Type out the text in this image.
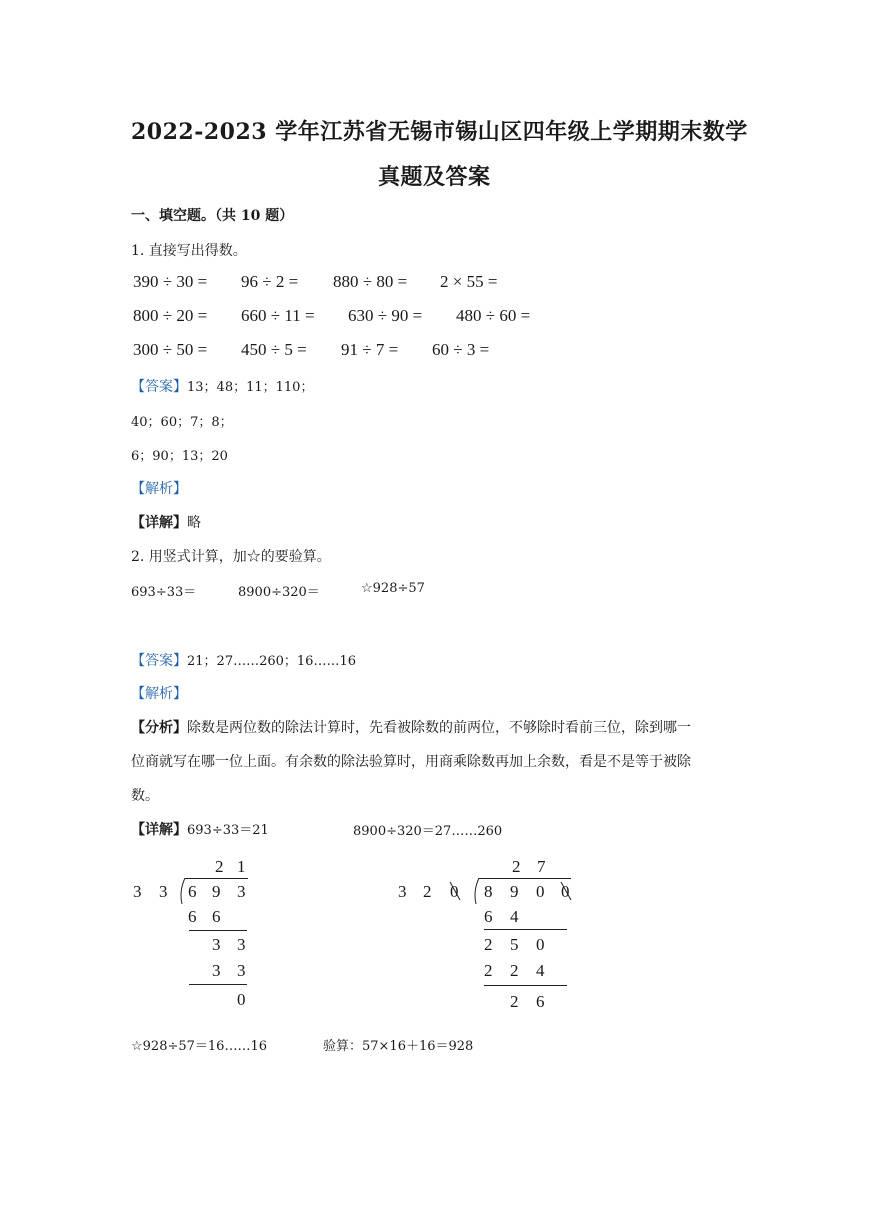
2022-2023 学年江苏省无锡市锡山区四年级上学期期末数学
真题及答案
一、填空题。（共 10 题）
1. 直接写出得数。
390 ÷ 30 = 96 ÷ 2 = 880 ÷ 80 = 2 × 55 =
800 ÷ 20 = 660 ÷ 11 = 630 ÷ 90 = 480 ÷ 60 =
300 ÷ 50 = 450 ÷ 5 = 91 ÷ 7 = 60 ÷ 3 =
【答案】13；48；11；110；
40；60；7；8；
6；90；13；20
【解析】
【详解】略
2. 用竖式计算，加☆的要验算。
693÷33＝	8900÷320＝	☆928÷57
【答案】21；27……260；16……16
【解析】
【分析】除数是两位数的除法计算时，先看被除数的前两位，不够除时看前三位，除到哪一
位商就写在哪一位上面。有余数的除法验算时，用商乘除数再加上余数，看是不是等于被除
数。
【详解】693÷33＝21	8900÷320＝27……260
2 1
3 3 6 9 3
6 6
3 3
3 3
0
2 7
3 2 0 8 9 0 0
6 4
2 5 0
2 2 4
2 6
☆928÷57＝16……16	验算：57×16＋16＝928
